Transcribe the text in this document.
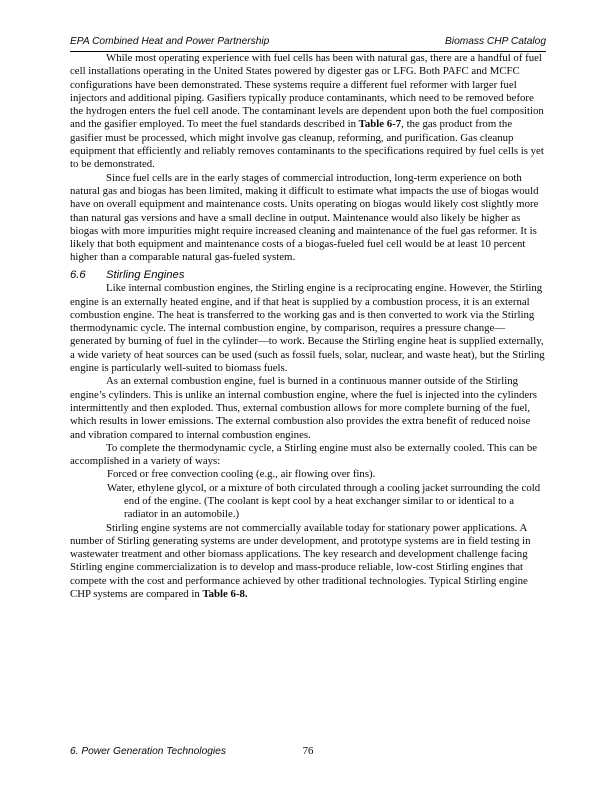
EPA Combined Heat and Power Partnership	Biomass CHP Catalog

While most operating experience with fuel cells has been with natural gas, there are a handful of fuel cell installations operating in the United States powered by digester gas or LFG. Both PAFC and MCFC configurations have been demonstrated. These systems require a different fuel reformer with larger fuel injectors and additional piping. Gasifiers typically produce contaminants, which need to be removed before the hydrogen enters the fuel cell anode. The contaminant levels are dependent upon both the fuel composition and the gasifier employed. To meet the fuel standards described in Table 6-7, the gas product from the gasifier must be processed, which might involve gas cleanup, reforming, and purification. Gas cleanup equipment that efficiently and reliably removes contaminants to the specifications required by fuel cells is yet to be demonstrated.

Since fuel cells are in the early stages of commercial introduction, long-term experience on both natural gas and biogas has been limited, making it difficult to estimate what impacts the use of biogas would have on overall equipment and maintenance costs. Units operating on biogas would likely cost slightly more than natural gas versions and have a small decline in output. Maintenance would also likely be higher as biogas with more impurities might require increased cleaning and maintenance of the fuel gas reformer. It is likely that both equipment and maintenance costs of a biogas-fueled fuel cell would be at least 10 percent higher than a comparable natural gas-fueled system.

6.6	Stirling Engines

Like internal combustion engines, the Stirling engine is a reciprocating engine. However, the Stirling engine is an externally heated engine, and if that heat is supplied by a combustion process, it is an external combustion engine. The heat is transferred to the working gas and is then converted to work via the Stirling thermodynamic cycle. The internal combustion engine, by comparison, requires a pressure change—generated by burning of fuel in the cylinder—to work. Because the Stirling engine heat is supplied externally, a wide variety of heat sources can be used (such as fossil fuels, solar, nuclear, and waste heat), but the Stirling engine is particularly well-suited to biomass fuels.

As an external combustion engine, fuel is burned in a continuous manner outside of the Stirling engine’s cylinders. This is unlike an internal combustion engine, where the fuel is injected into the cylinders intermittently and then exploded. Thus, external combustion allows for more complete burning of the fuel, which results in lower emissions. The external combustion also provides the extra benefit of reduced noise and vibration compared to internal combustion engines.

To complete the thermodynamic cycle, a Stirling engine must also be externally cooled. This can be accomplished in a variety of ways:

Forced or free convection cooling (e.g., air flowing over fins).

Water, ethylene glycol, or a mixture of both circulated through a cooling jacket surrounding the cold end of the engine. (The coolant is kept cool by a heat exchanger similar to or identical to a radiator in an automobile.)

Stirling engine systems are not commercially available today for stationary power applications. A number of Stirling generating systems are under development, and prototype systems are in field testing in wastewater treatment and other biomass applications. The key research and development challenge facing Stirling engine commercialization is to develop and mass-produce reliable, low-cost Stirling engines that compete with the cost and performance achieved by other traditional technologies. Typical Stirling engine CHP systems are compared in Table 6-8.

6. Power Generation Technologies	76
